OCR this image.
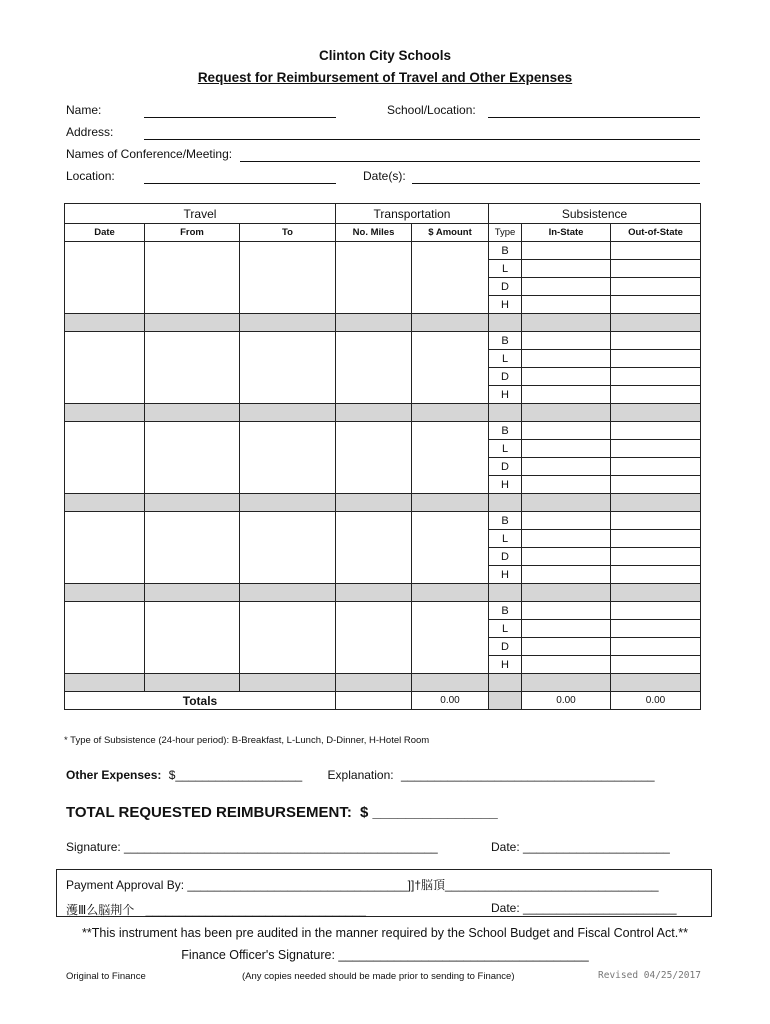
Clinton City Schools
Request for Reimbursement of Travel and Other Expenses
Name:	School/Location:
Address:
Names of Conference/Meeting:
Location:	Date(s):
Travel			Transportation		Subsistence		
Date	From	To	No. Miles	$ Amount	Type	In-State	Out-of-State
					B		
					L		
					D		
					H		

					B		
					L		
					D		
					H		

					B		
					L		
					D		
					H		

					B		
					L		
					D		
					H		

					B		
					L		
					D		
					H		

Totals				0.00		0.00	0.00
* Type of Subsistence (24-hour period): B-Breakfast, L-Lunch, D-Dinner, H-Hotel Room
Other Expenses: $___________________ Explanation: ______________________________________
TOTAL REQUESTED REIMBURSEMENT: $ _______________
Signature: _______________________________________________	Date: ______________________
Payment Approval By: _________________________________]]†脳頂________________________________
濩Ⅲ么脳荆个 _________________________________	Date: _______________________
**This instrument has been pre audited in the manner required by the School Budget and Fiscal Control Act.**
Finance Officer's Signature: ____________________________________
Original to Finance	(Any copies needed should be made prior to sending to Finance)	Revised 04/25/2017
